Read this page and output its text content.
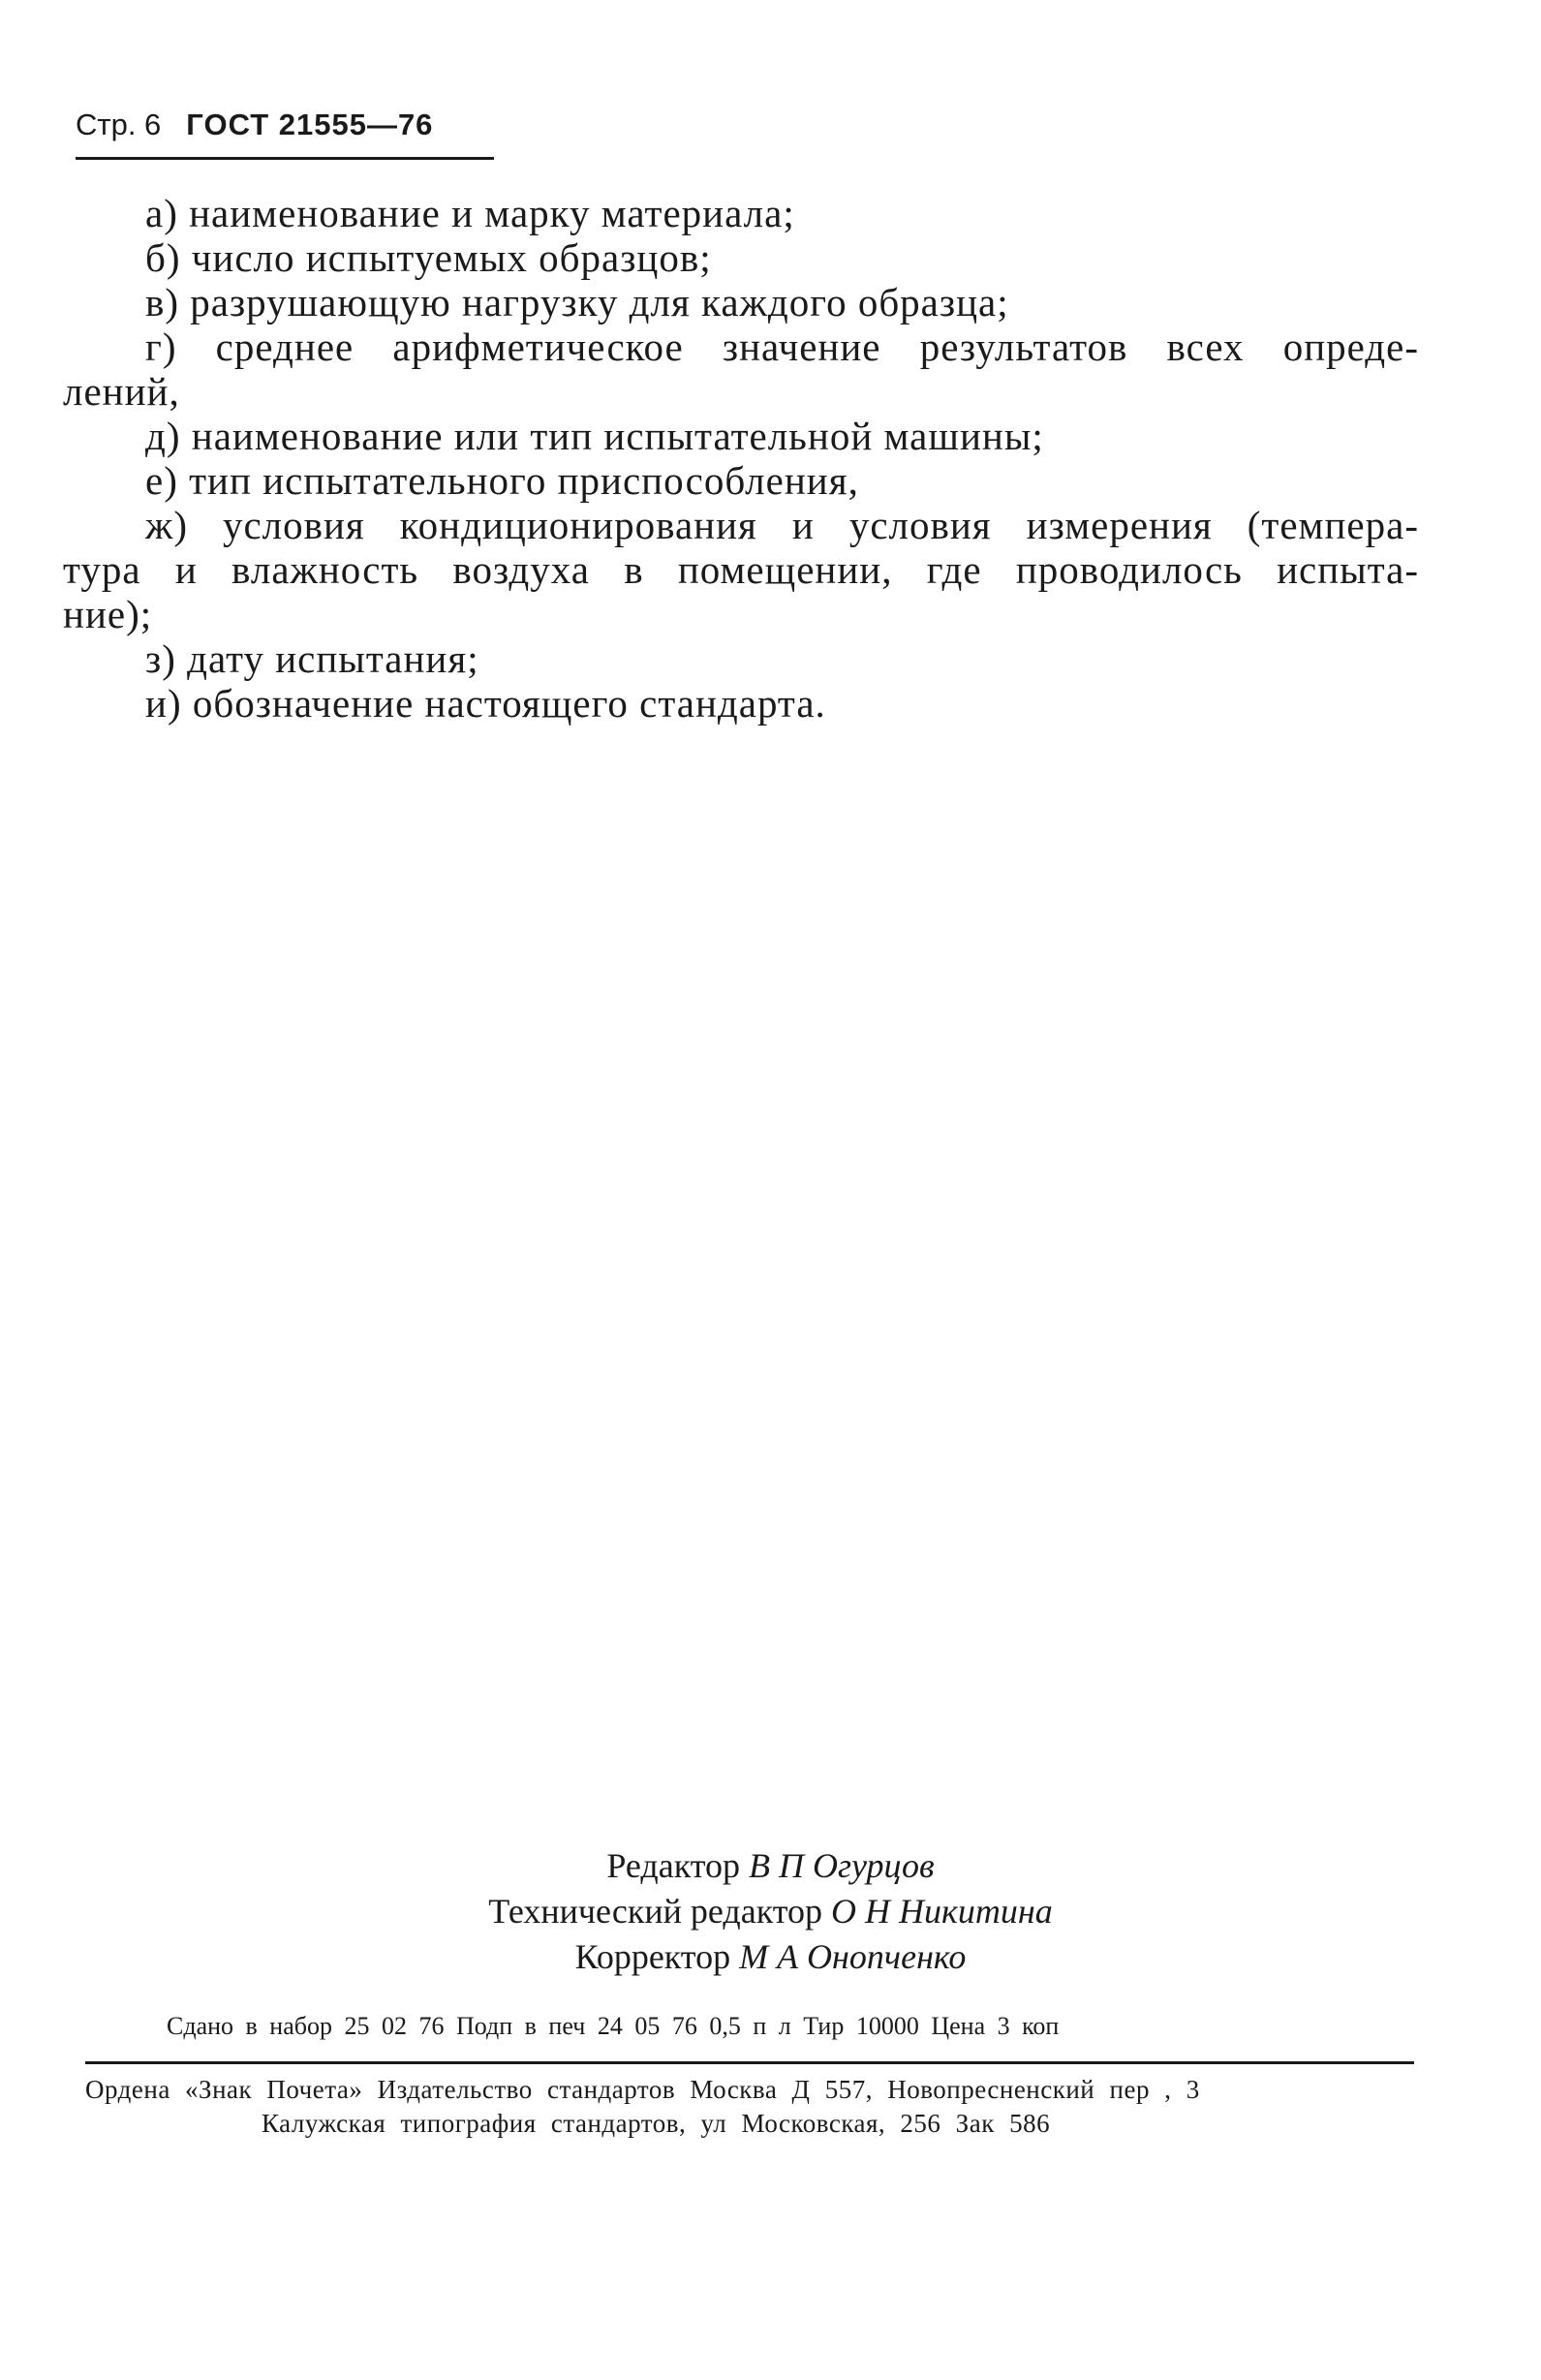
Стр. 6 ГОСТ 21555—76
а) наименование и марку материала;
б) число испытуемых образцов;
в) разрушающую нагрузку для каждого образца;
г) среднее арифметическое значение результатов всех опреде-
лений,
д) наименование или тип испытательной машины;
е) тип испытательного приспособления,
ж) условия кондиционирования и условия измерения (темпера-
тура и влажность воздуха в помещении, где проводилось испыта-
ние);
з) дату испытания;
и) обозначение настоящего стандарта.
Редактор В П Огурцов
Технический редактор О Н Никитина
Корректор М А Онопченко
Сдано в набор 25 02 76 Подп в печ 24 05 76 0,5 п л Тир 10000 Цена 3 коп
Ордена «Знак Почета» Издательство стандартов Москва Д 557, Новопресненский пер , 3
Калужская типография стандартов, ул Московская, 256 Зак 586
